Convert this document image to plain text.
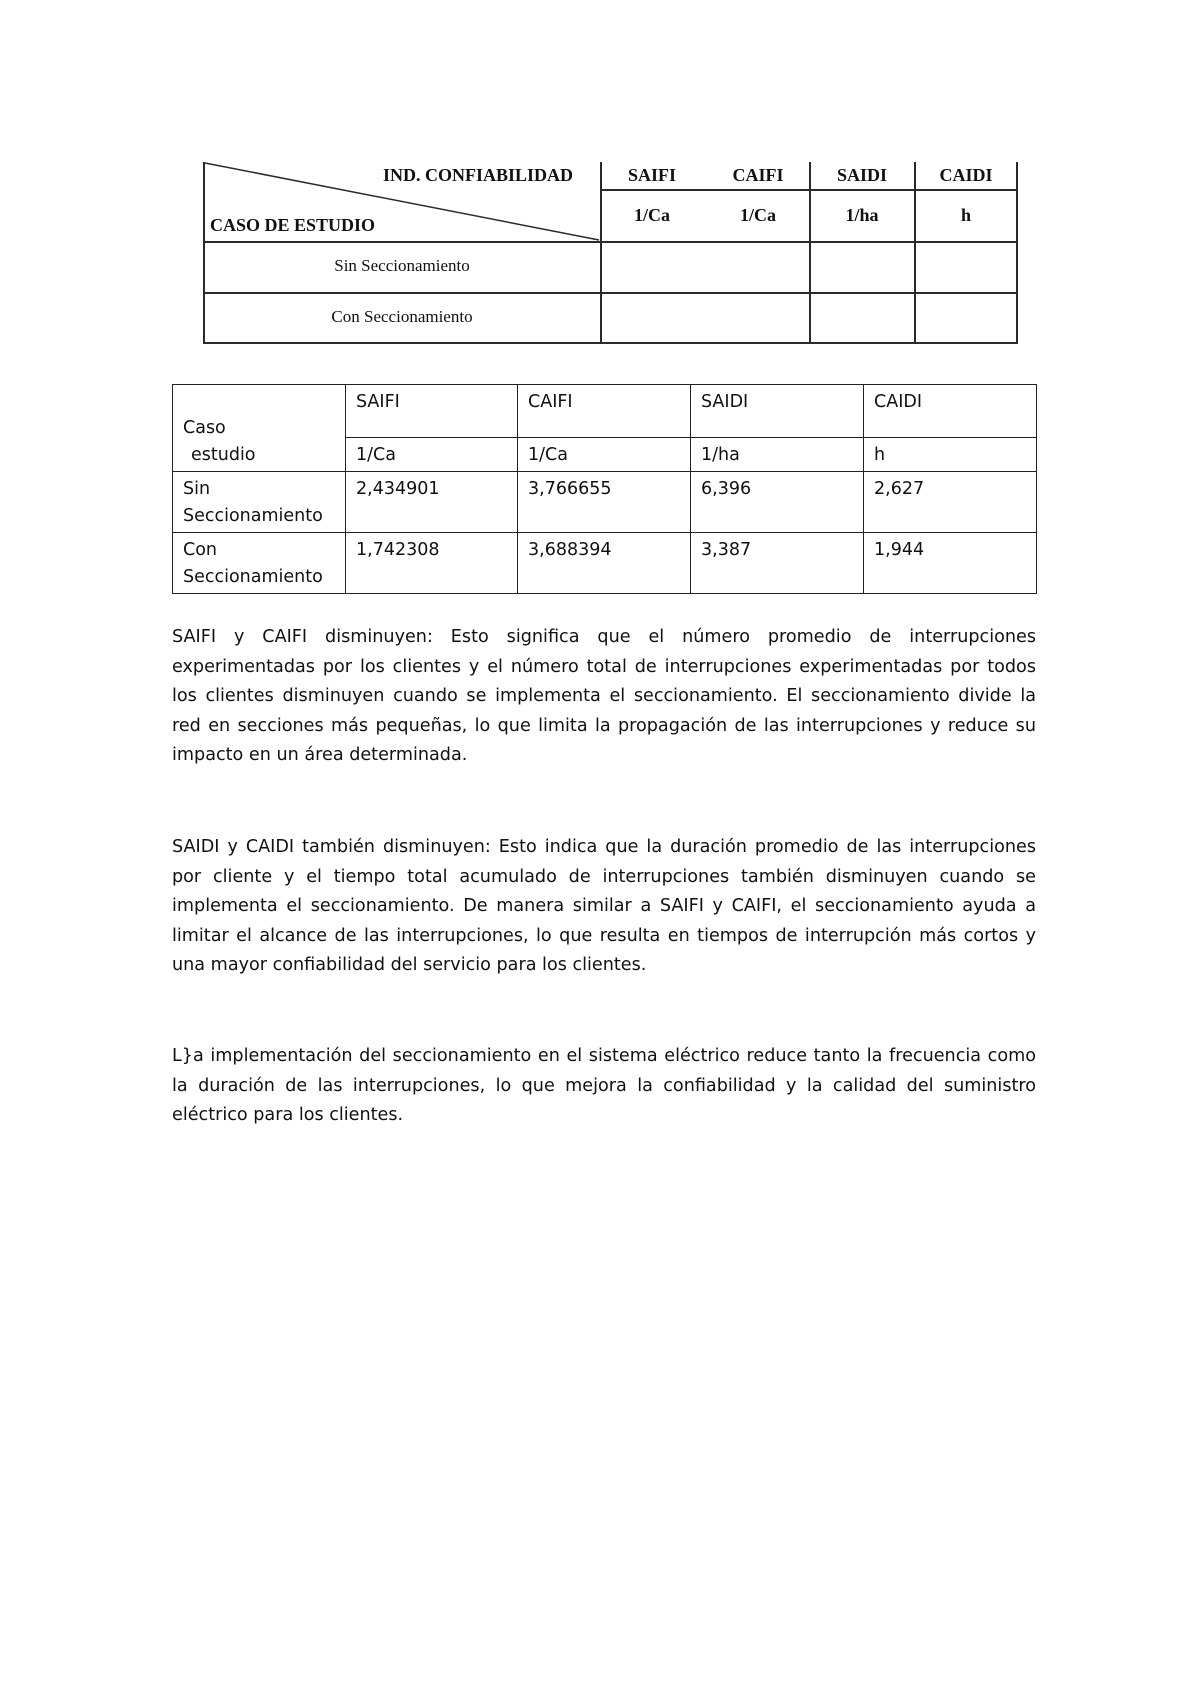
IND. CONFIABILIDAD
CASO DE ESTUDIO
SAIFI	CAIFI	SAIDI	CAIDI
1/Ca	1/Ca	1/ha	h
Sin Seccionamiento
Con Seccionamiento
Caso
estudio	SAIFI	CAIFI	SAIDI	CAIDI
	1/Ca	1/Ca	1/ha	h

Sin
Seccionamiento	2,434901	3,766655	6,396	2,627

Con
Seccionamiento	1,742308	3,688394	3,387	1,944

SAIFI y CAIFI disminuyen: Esto significa que el número promedio de interrupciones experimentadas por los clientes y el número total de interrupciones experimentadas por todos los clientes disminuyen cuando se implementa el seccionamiento. El seccionamiento divide la red en secciones más pequeñas, lo que limita la propagación de las interrupciones y reduce su impacto en un área determinada.

SAIDI y CAIDI también disminuyen: Esto indica que la duración promedio de las interrupciones por cliente y el tiempo total acumulado de interrupciones también disminuyen cuando se implementa el seccionamiento. De manera similar a SAIFI y CAIFI, el seccionamiento ayuda a limitar el alcance de las interrupciones, lo que resulta en tiempos de interrupción más cortos y una mayor confiabilidad del servicio para los clientes.

L}a implementación del seccionamiento en el sistema eléctrico reduce tanto la frecuencia como la duración de las interrupciones, lo que mejora la confiabilidad y la calidad del suministro eléctrico para los clientes.
